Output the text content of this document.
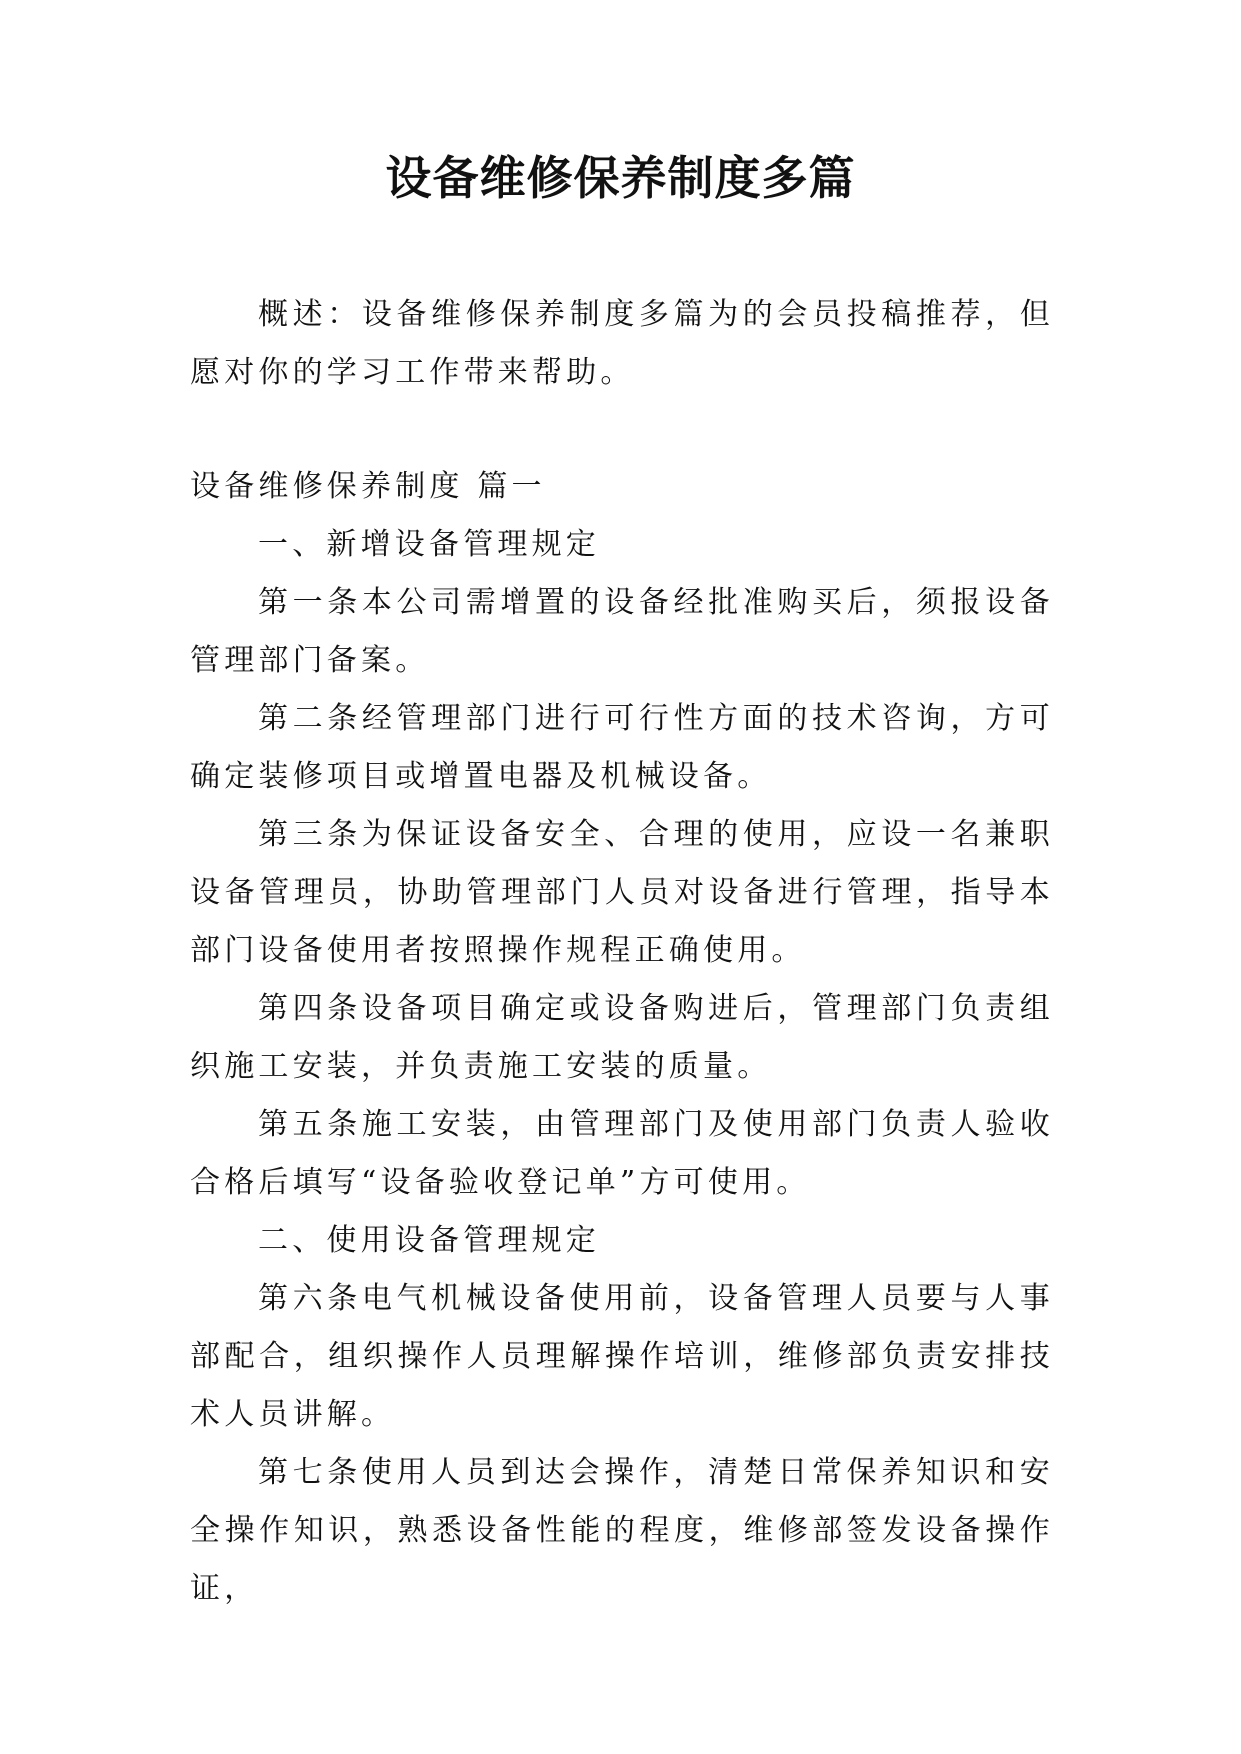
设备维修保养制度多篇

概述：设备维修保养制度多篇为的会员投稿推荐，但愿对你的学习工作带来帮助。

设备维修保养制度 篇一

一、新增设备管理规定

第一条本公司需增置的设备经批准购买后，须报设备管理部门备案。

第二条经管理部门进行可行性方面的技术咨询，方可确定装修项目或增置电器及机械设备。

第三条为保证设备安全、合理的使用，应设一名兼职设备管理员，协助管理部门人员对设备进行管理，指导本部门设备使用者按照操作规程正确使用。

第四条设备项目确定或设备购进后，管理部门负责组织施工安装，并负责施工安装的质量。

第五条施工安装，由管理部门及使用部门负责人验收合格后填写“设备验收登记单”方可使用。

二、使用设备管理规定

第六条电气机械设备使用前，设备管理人员要与人事部配合，组织操作人员理解操作培训，维修部负责安排技术人员讲解。

第七条使用人员到达会操作，清楚日常保养知识和安全操作知识，熟悉设备性能的程度，维修部签发设备操作证，
